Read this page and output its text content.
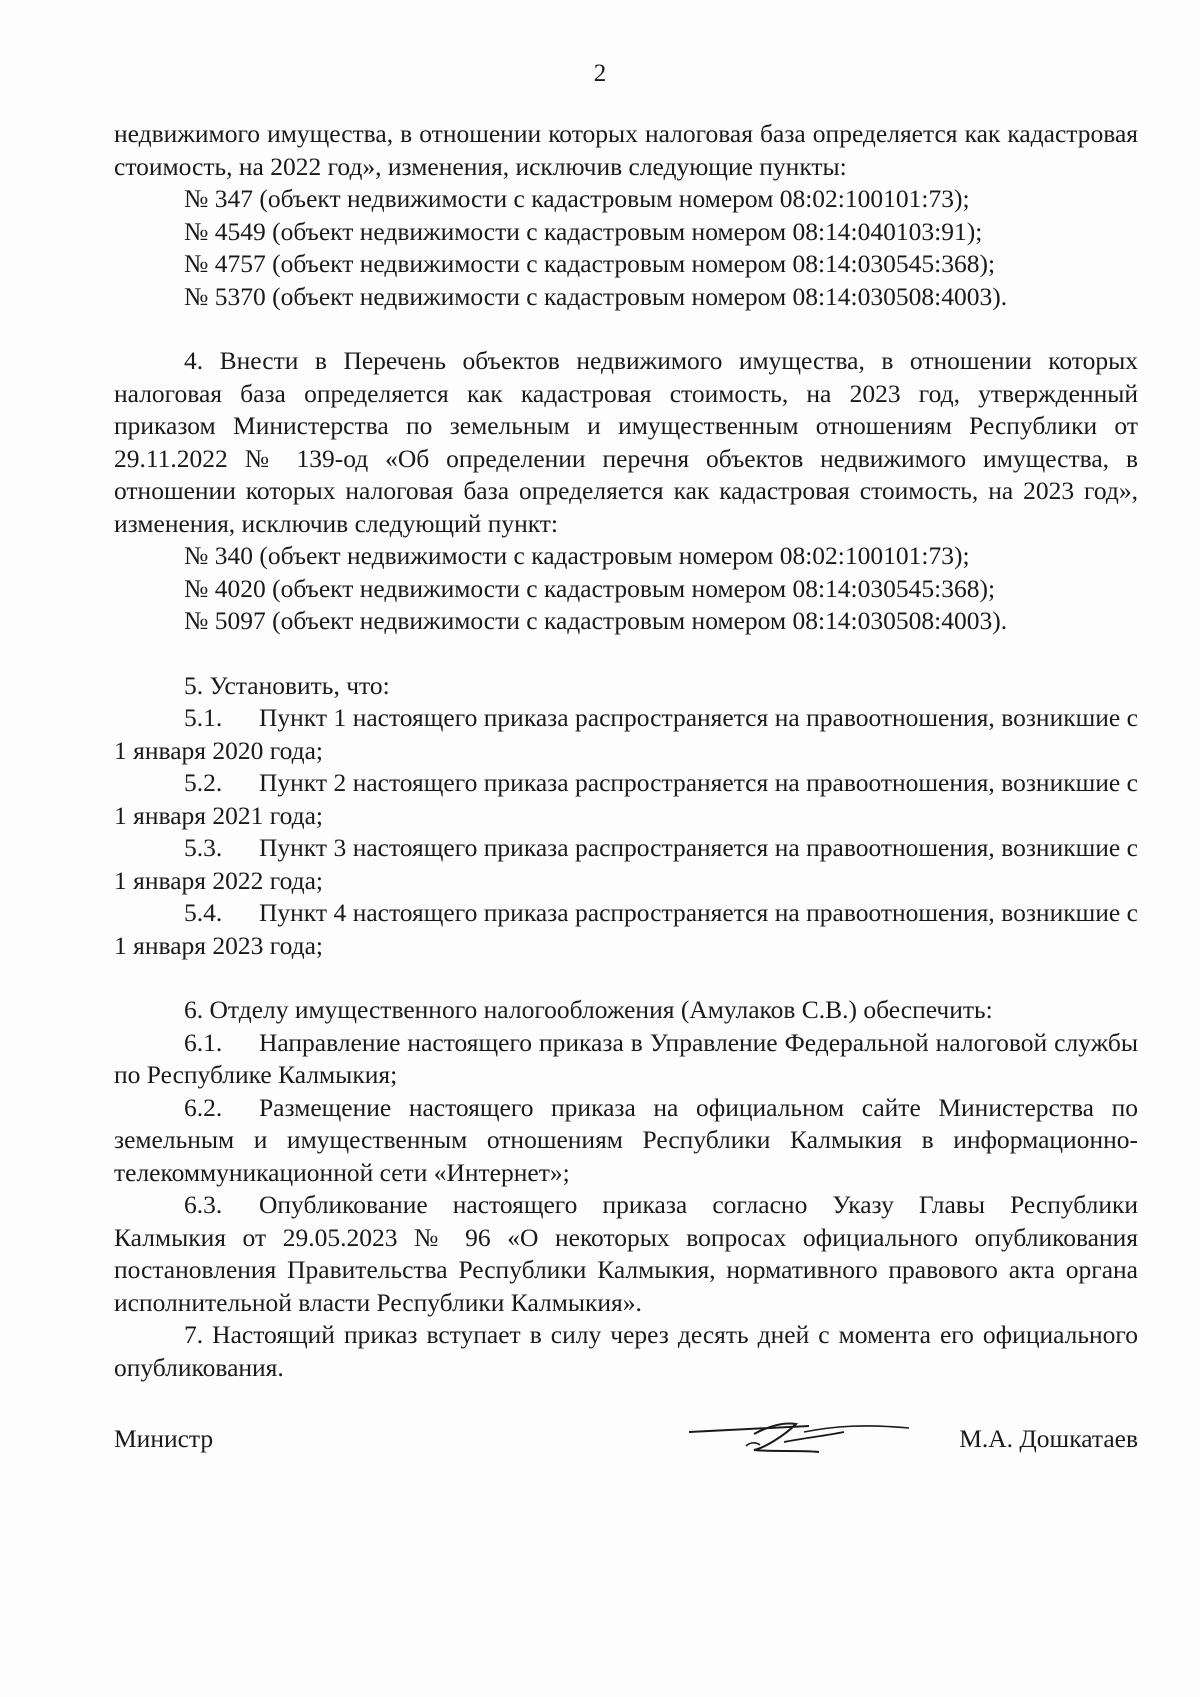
2

недвижимого имущества, в отношении которых налоговая база определяется как кадастровая стоимость, на 2022 год», изменения, исключив следующие пункты:

№ 347 (объект недвижимости с кадастровым номером 08:02:100101:73);

№ 4549 (объект недвижимости с кадастровым номером 08:14:040103:91);

№ 4757 (объект недвижимости с кадастровым номером 08:14:030545:368);

№ 5370 (объект недвижимости с кадастровым номером 08:14:030508:4003).

4. Внести в Перечень объектов недвижимого имущества, в отношении которых налоговая база определяется как кадастровая стоимость, на 2023 год, утвержденный приказом Министерства по земельным и имущественным отношениям Республики от 29.11.2022 № 139-од «Об определении перечня объектов недвижимого имущества, в отношении которых налоговая база определяется как кадастровая стоимость, на 2023 год», изменения, исключив следующий пункт:

№ 340 (объект недвижимости с кадастровым номером 08:02:100101:73);

№ 4020 (объект недвижимости с кадастровым номером 08:14:030545:368);

№ 5097 (объект недвижимости с кадастровым номером 08:14:030508:4003).

5. Установить, что:

5.1. Пункт 1 настоящего приказа распространяется на правоотношения, возникшие с 1 января 2020 года;

5.2. Пункт 2 настоящего приказа распространяется на правоотношения, возникшие с 1 января 2021 года;

5.3. Пункт 3 настоящего приказа распространяется на правоотношения, возникшие с 1 января 2022 года;

5.4. Пункт 4 настоящего приказа распространяется на правоотношения, возникшие с 1 января 2023 года;

6. Отделу имущественного налогообложения (Амулаков С.В.) обеспечить:

6.1. Направление настоящего приказа в Управление Федеральной налоговой службы по Республике Калмыкия;

6.2. Размещение настоящего приказа на официальном сайте Министерства по земельным и имущественным отношениям Республики Калмыкия в информационно-телекоммуникационной сети «Интернет»;

6.3. Опубликование настоящего приказа согласно Указу Главы Республики Калмыкия от 29.05.2023 № 96 «О некоторых вопросах официального опубликования постановления Правительства Республики Калмыкия, нормативного правового акта органа исполнительной власти Республики Калмыкия».

7. Настоящий приказ вступает в силу через десять дней с момента его официального опубликования.

Министр	М.А. Дошкатаев
